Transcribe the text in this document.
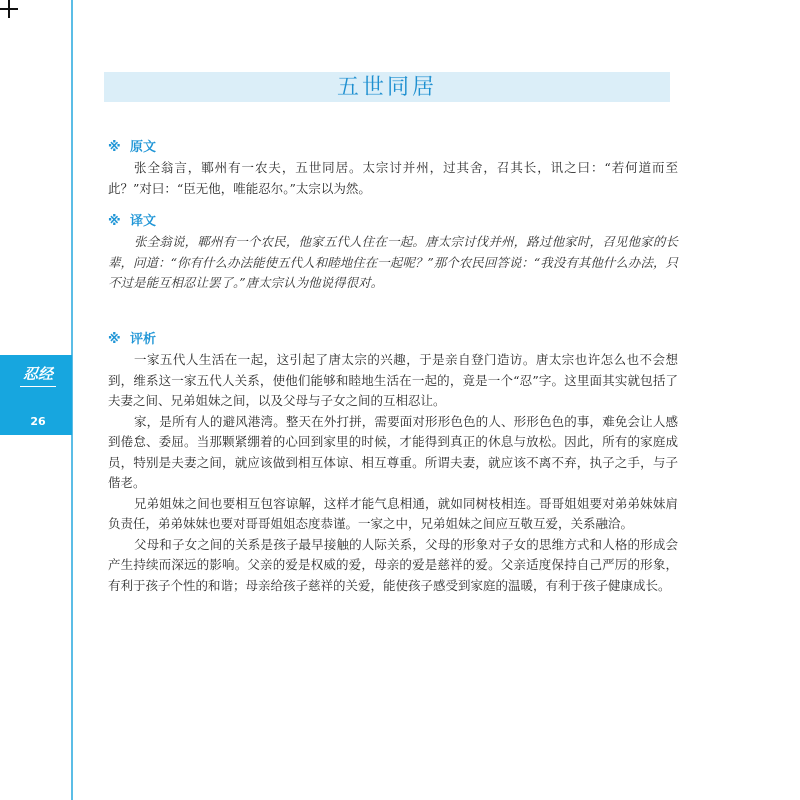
忍经
26
五世同居
※ 原文

张全翁言，鄆州有一农夫，五世同居。太宗讨并州，过其舍，召其长，讯之曰：“若何道而至此？”对曰：“臣无他，唯能忍尔。”太宗以为然。

※ 译文

张全翁说，鄆州有一个农民，他家五代人住在一起。唐太宗讨伐并州，路过他家时，召见他家的长辈，问道：“你有什么办法能使五代人和睦地住在一起呢？”那个农民回答说：“我没有其他什么办法，只不过是能互相忍让罢了。”唐太宗认为他说得很对。

※ 评析

一家五代人生活在一起，这引起了唐太宗的兴趣，于是亲自登门造访。唐太宗也许怎么也不会想到，维系这一家五代人关系，使他们能够和睦地生活在一起的，竟是一个“忍”字。这里面其实就包括了夫妻之间、兄弟姐妹之间，以及父母与子女之间的互相忍让。

家，是所有人的避风港湾。整天在外打拼，需要面对形形色色的人、形形色色的事，难免会让人感到倦怠、委屈。当那颗紧绷着的心回到家里的时候，才能得到真正的休息与放松。因此，所有的家庭成员，特别是夫妻之间，就应该做到相互体谅、相互尊重。所谓夫妻，就应该不离不弃，执子之手，与子偕老。

兄弟姐妹之间也要相互包容谅解，这样才能气息相通，就如同树枝相连。哥哥姐姐要对弟弟妹妹肩负责任，弟弟妹妹也要对哥哥姐姐态度恭谨。一家之中，兄弟姐妹之间应互敬互爱，关系融洽。

父母和子女之间的关系是孩子最早接触的人际关系，父母的形象对子女的思维方式和人格的形成会产生持续而深远的影响。父亲的爱是权威的爱，母亲的爱是慈祥的爱。父亲适度保持自己严厉的形象，有利于孩子个性的和谐；母亲给孩子慈祥的关爱，能使孩子感受到家庭的温暖，有利于孩子健康成长。
